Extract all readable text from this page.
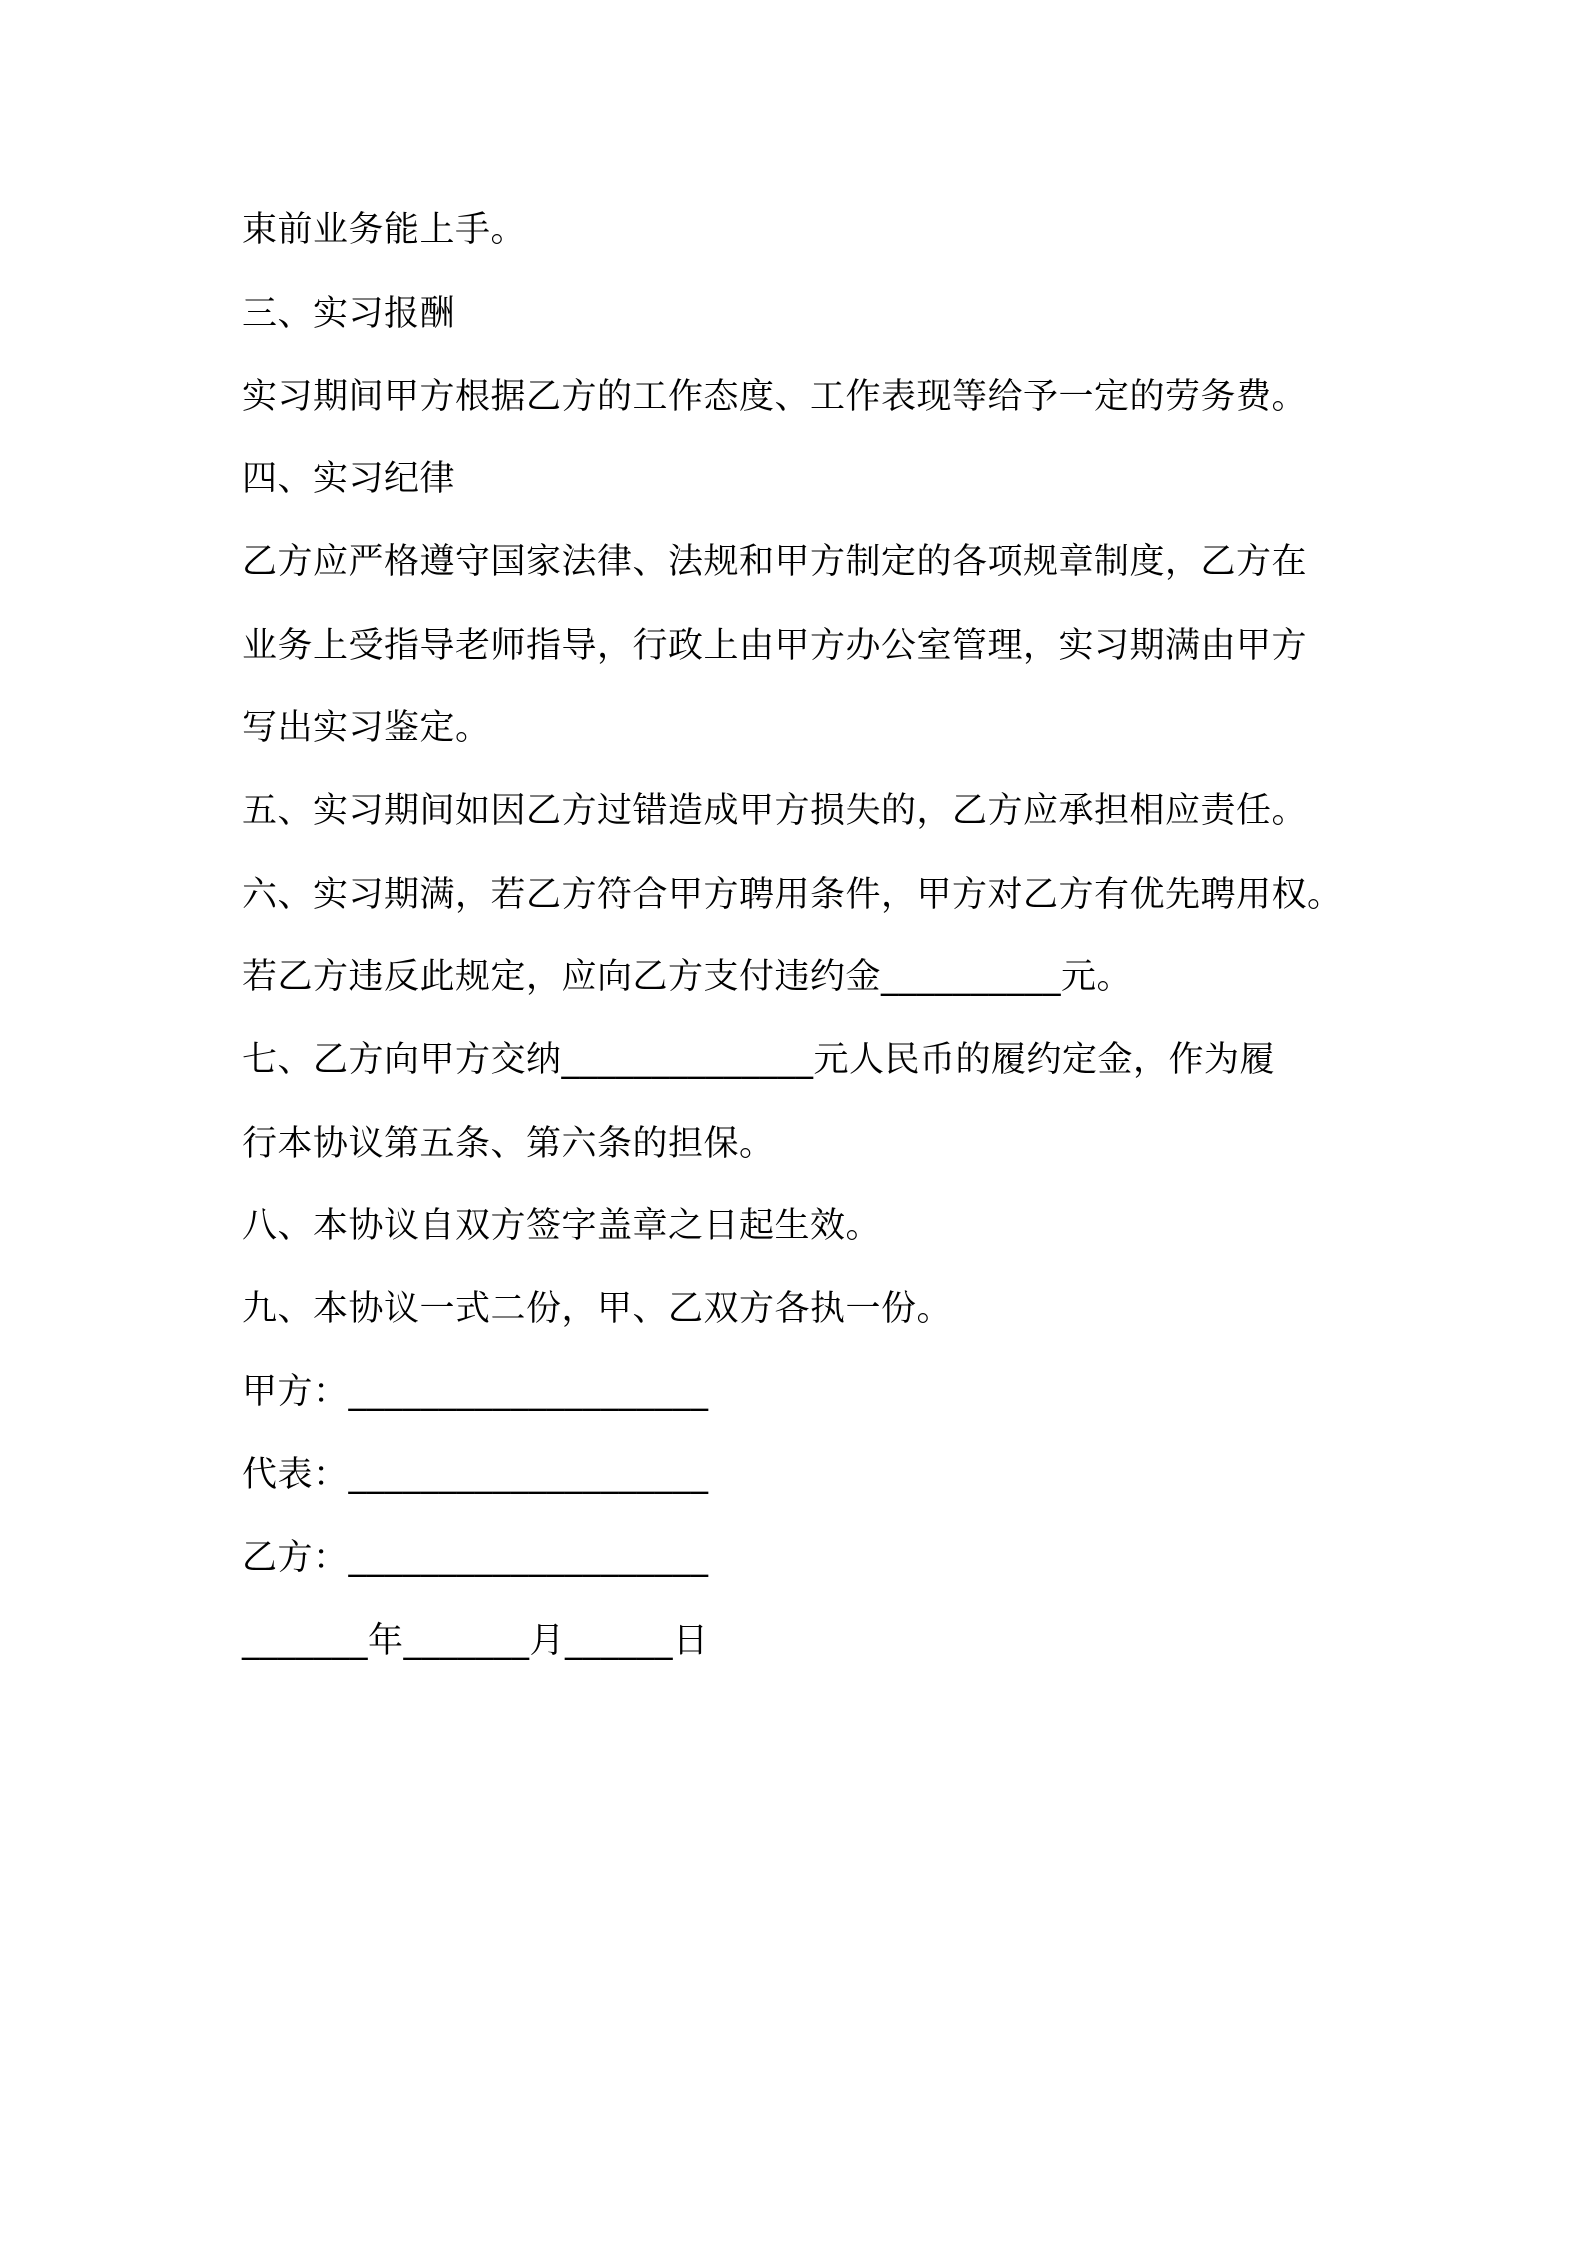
束前业务能上手。
三、实习报酬
实习期间甲方根据乙方的工作态度、工作表现等给予一定的劳务费。
四、实习纪律
乙方应严格遵守国家法律、法规和甲方制定的各项规章制度，乙方在
业务上受指导老师指导，行政上由甲方办公室管理，实习期满由甲方
写出实习鉴定。
五、实习期间如因乙方过错造成甲方损失的，乙方应承担相应责任。
六、实习期满，若乙方符合甲方聘用条件，甲方对乙方有优先聘用权。
若乙方违反此规定，应向乙方支付违约金__________元。
七、乙方向甲方交纳______________元人民币的履约定金，作为履
行本协议第五条、第六条的担保。
八、本协议自双方签字盖章之日起生效。
九、本协议一式二份，甲、乙双方各执一份。
甲方：____________________
代表：____________________
乙方：____________________
_______年_______月______日
